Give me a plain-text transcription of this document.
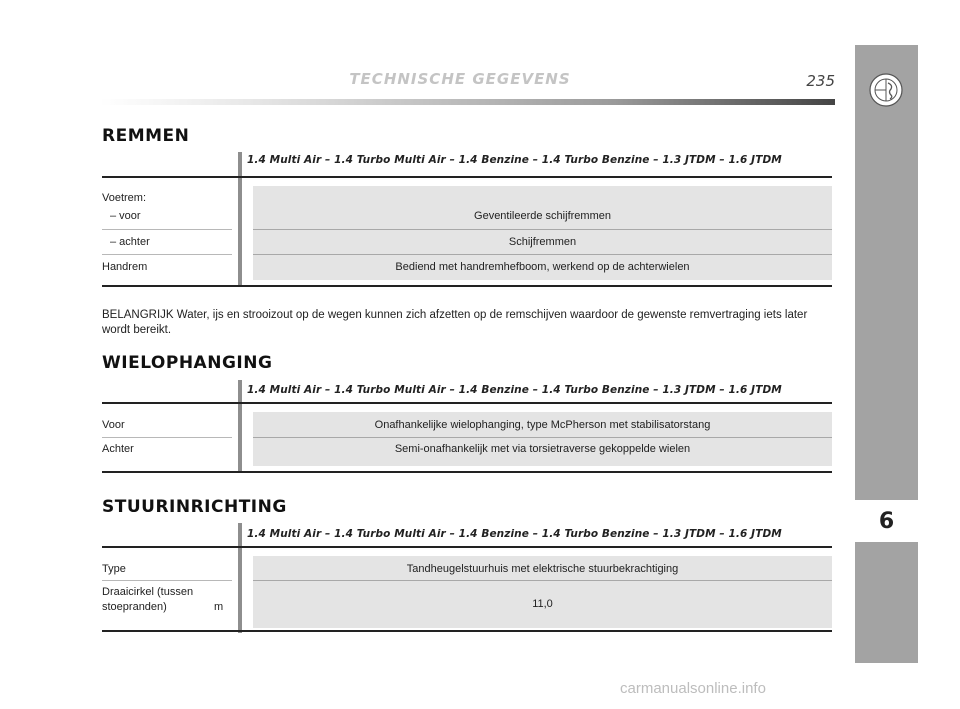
TECHNISCHE GEGEVENS	235
6
REMMEN
1.4 Multi Air – 1.4 Turbo Multi Air – 1.4 Benzine – 1.4 Turbo Benzine – 1.3 JTDM – 1.6 JTDM
Voetrem:
– voor	Geventileerde schijfremmen
– achter	Schijfremmen
Handrem	Bediend met handremhefboom, werkend op de achterwielen
BELANGRIJK Water, ijs en strooizout op de wegen kunnen zich afzetten op de remschijven waardoor de gewenste remvertraging iets later wordt bereikt.
WIELOPHANGING
1.4 Multi Air – 1.4 Turbo Multi Air – 1.4 Benzine – 1.4 Turbo Benzine – 1.3 JTDM – 1.6 JTDM
Voor	Onafhankelijke wielophanging, type McPherson met stabilisatorstang
Achter	Semi-onafhankelijk met via torsietraverse gekoppelde wielen
STUURINRICHTING
1.4 Multi Air – 1.4 Turbo Multi Air – 1.4 Benzine – 1.4 Turbo Benzine – 1.3 JTDM – 1.6 JTDM
Type	Tandheugelstuurhuis met elektrische stuurbekrachtiging
Draaicirkel (tussen
stoepranden)	m	11,0
carmanualsonline.info
